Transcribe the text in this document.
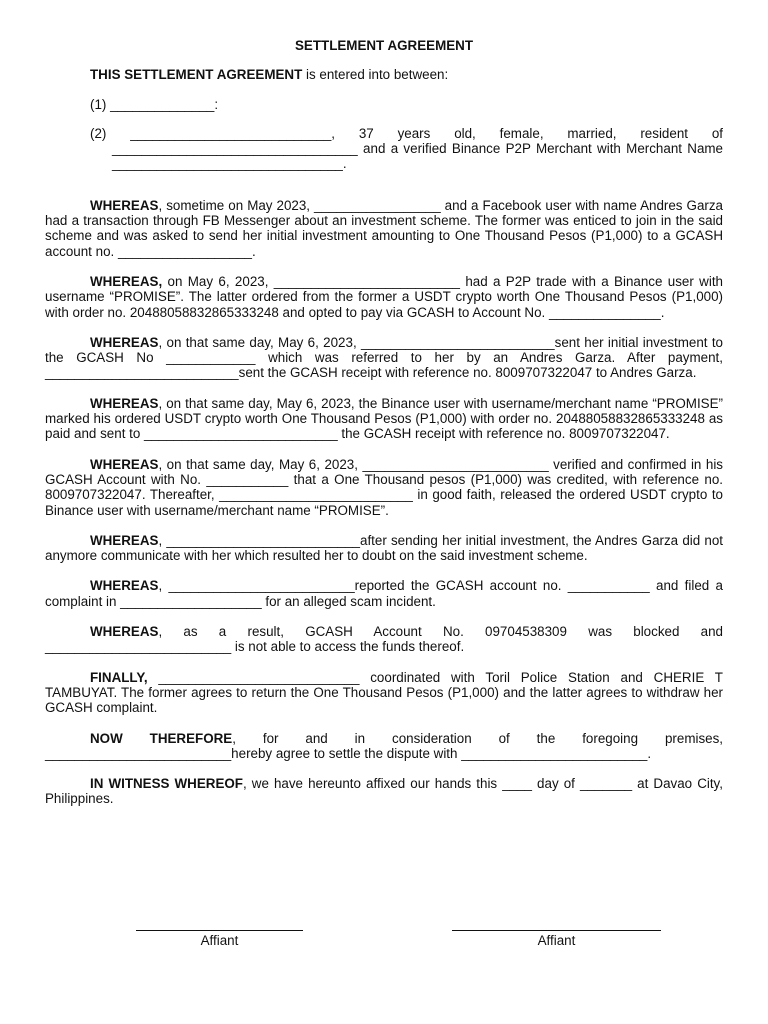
SETTLEMENT AGREEMENT
THIS SETTLEMENT AGREEMENT is entered into between:
(1) ______________:
(2) ___________________________, 37 years old, female, married, resident of _________________________________ and a verified Binance P2P Merchant with Merchant Name _______________________________.
WHEREAS, sometime on May 2023, _________________ and a Facebook user with name Andres Garza had a transaction through FB Messenger about an investment scheme. The former was enticed to join in the said scheme and was asked to send her initial investment amounting to One Thousand Pesos (P1,000) to a GCASH account no. __________________.
WHEREAS, on May 6, 2023, _________________________ had a P2P trade with a Binance user with username “PROMISE”. The latter ordered from the former a USDT crypto worth One Thousand Pesos (P1,000) with order no. 20488058832865333248 and opted to pay via GCASH to Account No. _______________.
WHEREAS, on that same day, May 6, 2023, __________________________sent her initial investment to the GCASH No ____________ which was referred to her by an Andres Garza. After payment, __________________________sent the GCASH receipt with reference no. 8009707322047 to Andres Garza.
WHEREAS, on that same day, May 6, 2023, the Binance user with username/merchant name “PROMISE” marked his ordered USDT crypto worth One Thousand Pesos (P1,000) with order no. 20488058832865333248 as paid and sent to __________________________ the GCASH receipt with reference no. 8009707322047.
WHEREAS, on that same day, May 6, 2023, _________________________ verified and confirmed in his GCASH Account with No. ___________ that a One Thousand pesos (P1,000) was credited, with reference no. 8009707322047. Thereafter, __________________________ in good faith, released the ordered USDT crypto to Binance user with username/merchant name “PROMISE”.
WHEREAS, __________________________after sending her initial investment, the Andres Garza did not anymore communicate with her which resulted her to doubt on the said investment scheme.
WHEREAS, _________________________reported the GCASH account no. ___________ and filed a complaint in ___________________ for an alleged scam incident.
WHEREAS, as a result, GCASH Account No. 09704538309 was blocked and _________________________ is not able to access the funds thereof.
FINALLY, ___________________________ coordinated with Toril Police Station and CHERIE T TAMBUYAT. The former agrees to return the One Thousand Pesos (P1,000) and the latter agrees to withdraw her GCASH complaint.
NOW THEREFORE, for and in consideration of the foregoing premises, _________________________hereby agree to settle the dispute with _________________________.
IN WITNESS WHEREOF, we have hereunto affixed our hands this ____ day of _______ at Davao City, Philippines.
Affiant	Affiant
